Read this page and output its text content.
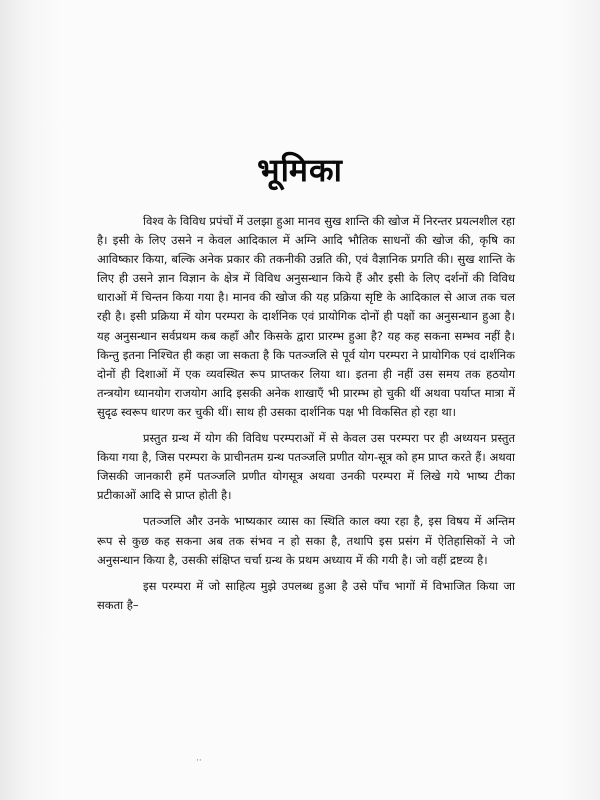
भूमिका

विश्व के विविध प्रपंचों में उलझा हुआ मानव सुख शान्ति की खोज में निरन्तर प्रयत्नशील रहा है। इसी के लिए उसने न केवल आदिकाल में अग्नि आदि भौतिक साधनों की खोज की, कृषि का आविष्कार किया, बल्कि अनेक प्रकार की तकनीकी उन्नति की, एवं वैज्ञानिक प्रगति की। सुख शान्ति के लिए ही उसने ज्ञान विज्ञान के क्षेत्र में विविध अनुसन्धान किये हैं और इसी के लिए दर्शनों की विविध धाराओं में चिन्तन किया गया है। मानव की खोज की यह प्रक्रिया सृष्टि के आदिकाल से आज तक चल रही है। इसी प्रक्रिया में योग परम्परा के दार्शनिक एवं प्रायोगिक दोनों ही पक्षों का अनुसन्धान हुआ है। यह अनुसन्धान सर्वप्रथम कब कहाँ और किसके द्वारा प्रारम्भ हुआ है? यह कह सकना सम्भव नहीं है। किन्तु इतना निश्चित ही कहा जा सकता है कि पतञ्जलि से पूर्व योग परम्परा ने प्रायोगिक एवं दार्शनिक दोनों ही दिशाओं में एक व्यवस्थित रूप प्राप्तकर लिया था। इतना ही नहीं उस समय तक हठयोग तन्त्रयोग ध्यानयोग राजयोग आदि इसकी अनेक शाखाएँ भी प्रारम्भ हो चुकी थीं अथवा पर्याप्त मात्रा में सुदृढ स्वरूप धारण कर चुकी थीं। साथ ही उसका दार्शनिक पक्ष भी विकसित हो रहा था।

प्रस्तुत ग्रन्थ में योग की विविध परम्पराओं में से केवल उस परम्परा पर ही अध्ययन प्रस्तुत किया गया है, जिस परम्परा के प्राचीनतम ग्रन्थ पतञ्जलि प्रणीत योग-सूत्र को हम प्राप्त करते हैं। अथवा जिसकी जानकारी हमें पतञ्जलि प्रणीत योगसूत्र अथवा उनकी परम्परा में लिखे गये भाष्य टीका प्रटीकाओं आदि से प्राप्त होती है।

पतञ्जलि और उनके भाष्यकार व्यास का स्थिति काल क्या रहा है, इस विषय में अन्तिम रूप से कुछ कह सकना अब तक संभव न हो सका है, तथापि इस प्रसंग में ऐतिहासिकों ने जो अनुसन्धान किया है, उसकी संक्षिप्त चर्चा ग्रन्थ के प्रथम अध्याय में की गयी है। जो वहीं द्रष्टव्य है।

इस परम्परा में जो साहित्य मुझे उपलब्ध हुआ है उसे पाँच भागों में विभाजित किया जा सकता है–

··
